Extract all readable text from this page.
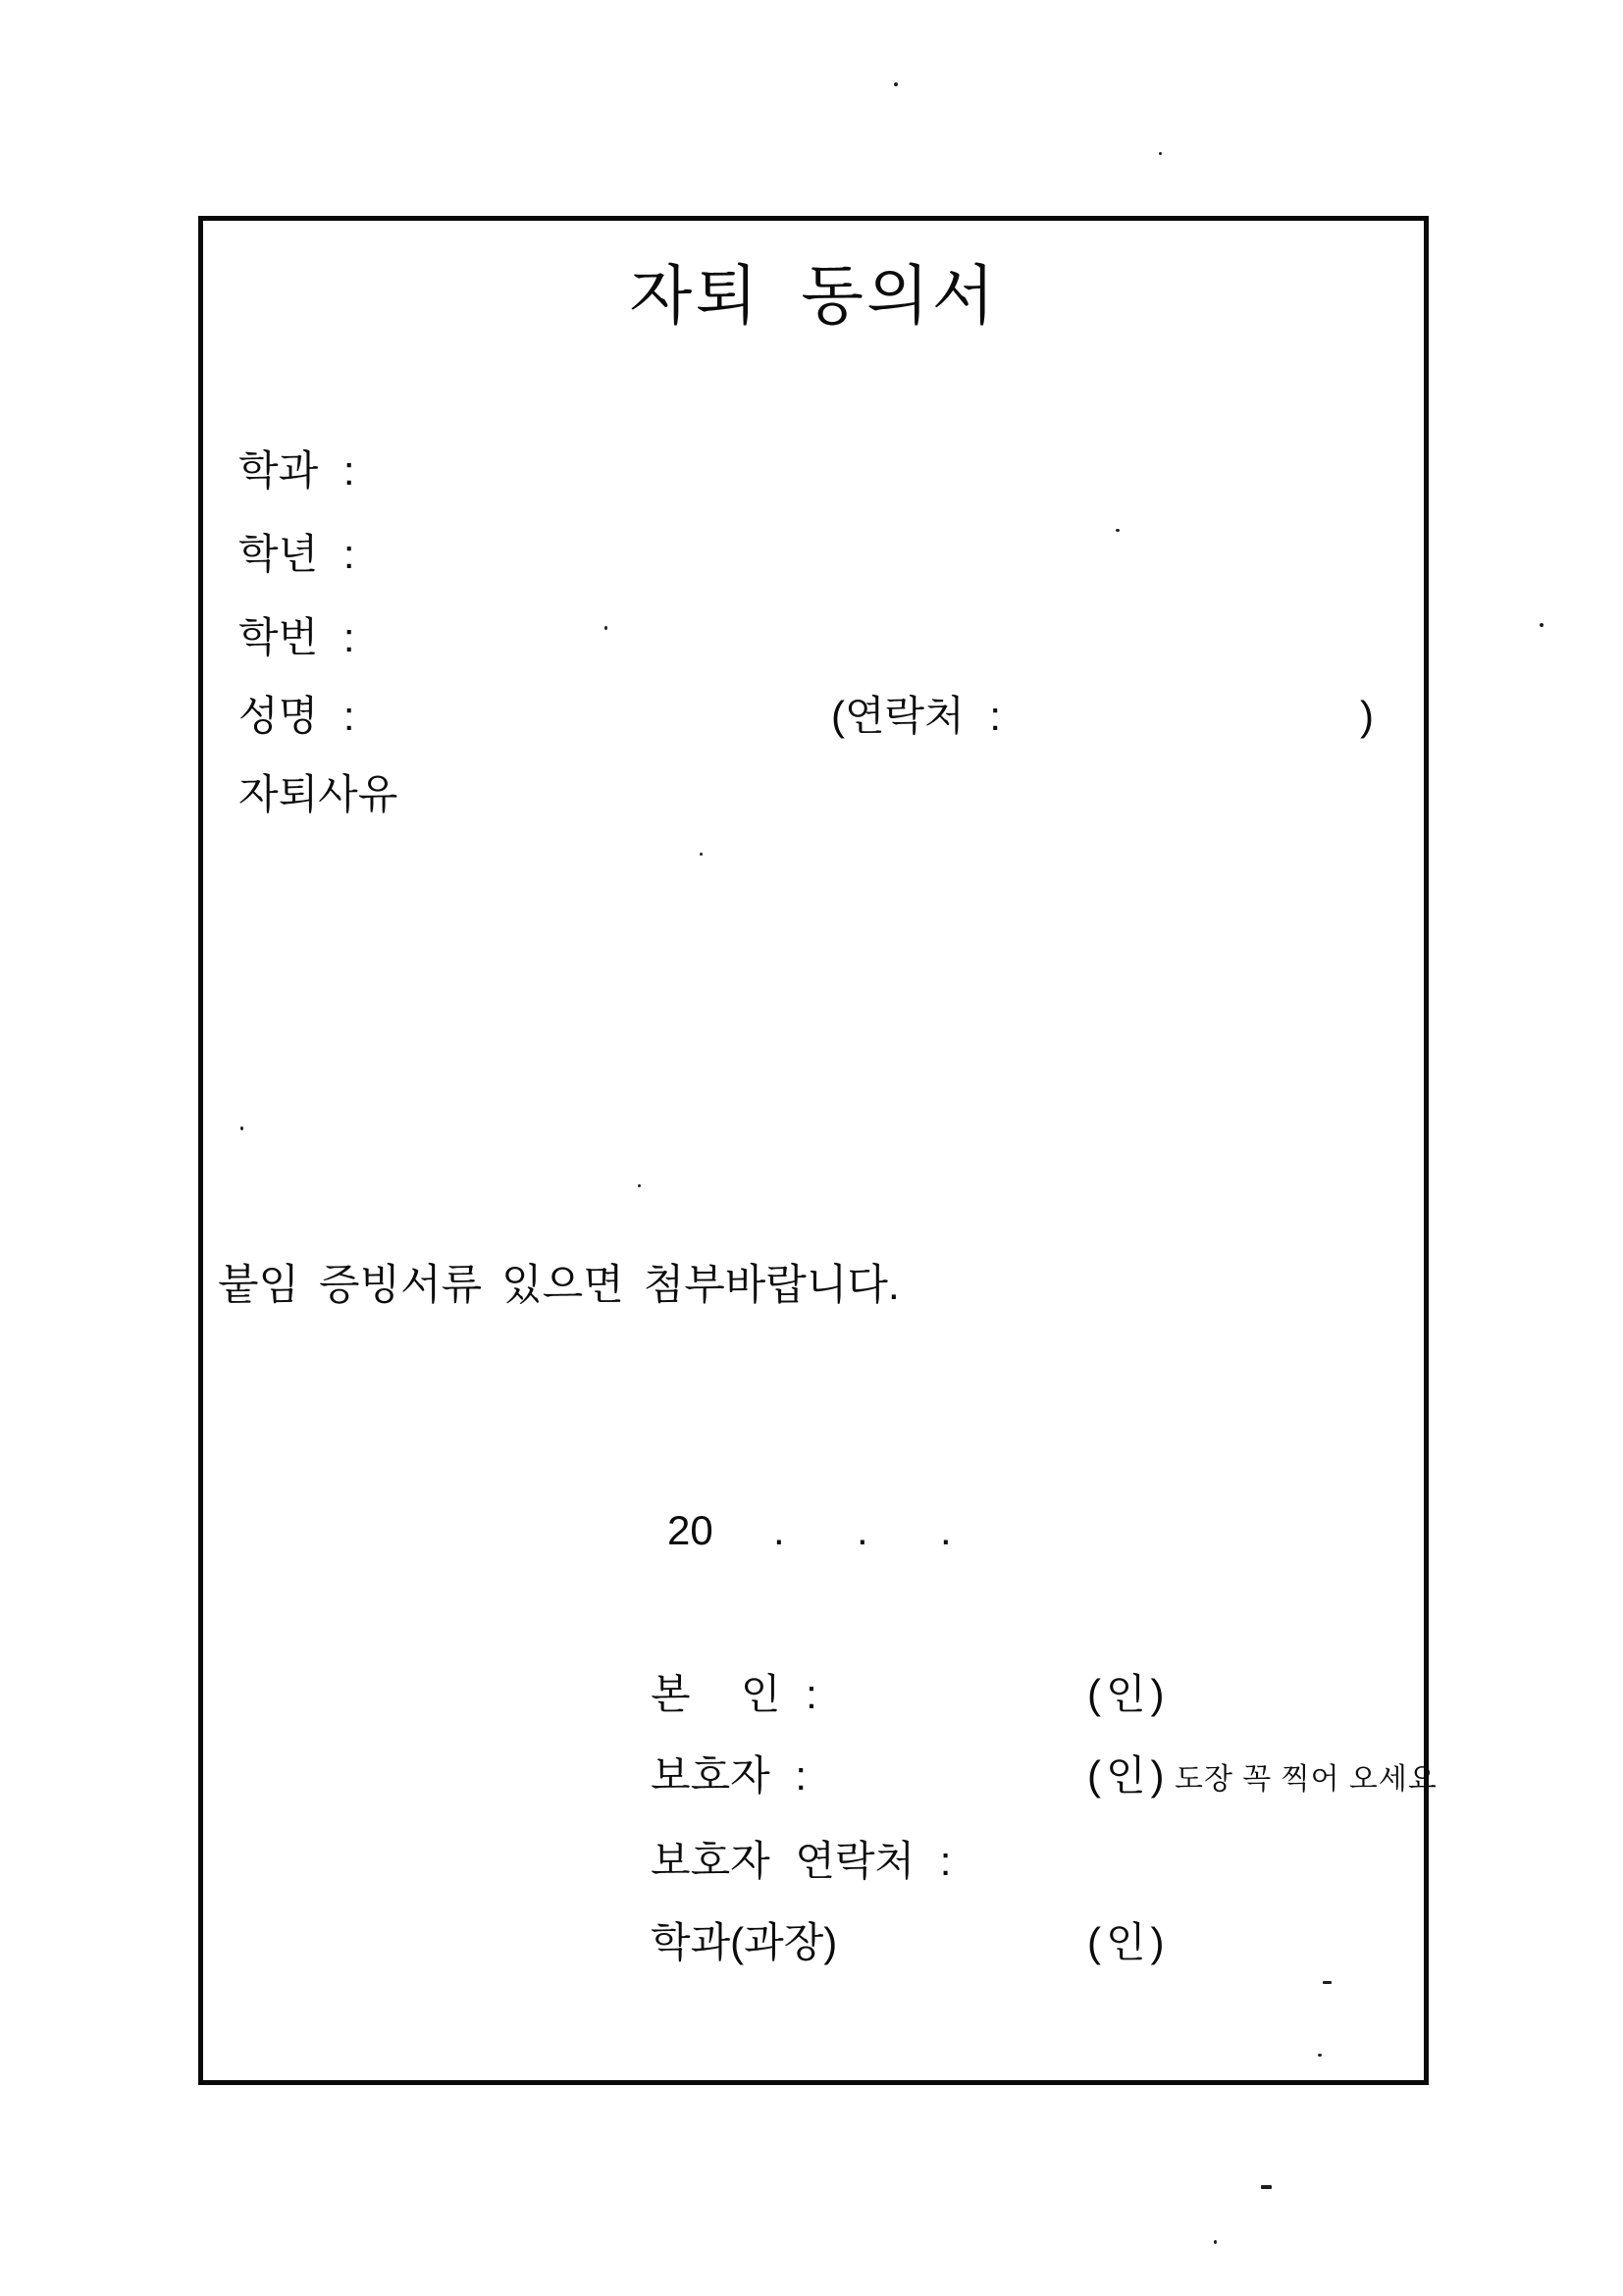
자퇴 동의서
학과 :
학년 :
학번 :
성명 :	(연락처 :	)
자퇴사유
붙임 증빙서류 있으면 첨부바랍니다.
20 . . .
본  인 :	(인)
보호자 :	(인) 도장 꼭 찍어 오세요
보호자 연락처 :
학과(과장)	(인)
